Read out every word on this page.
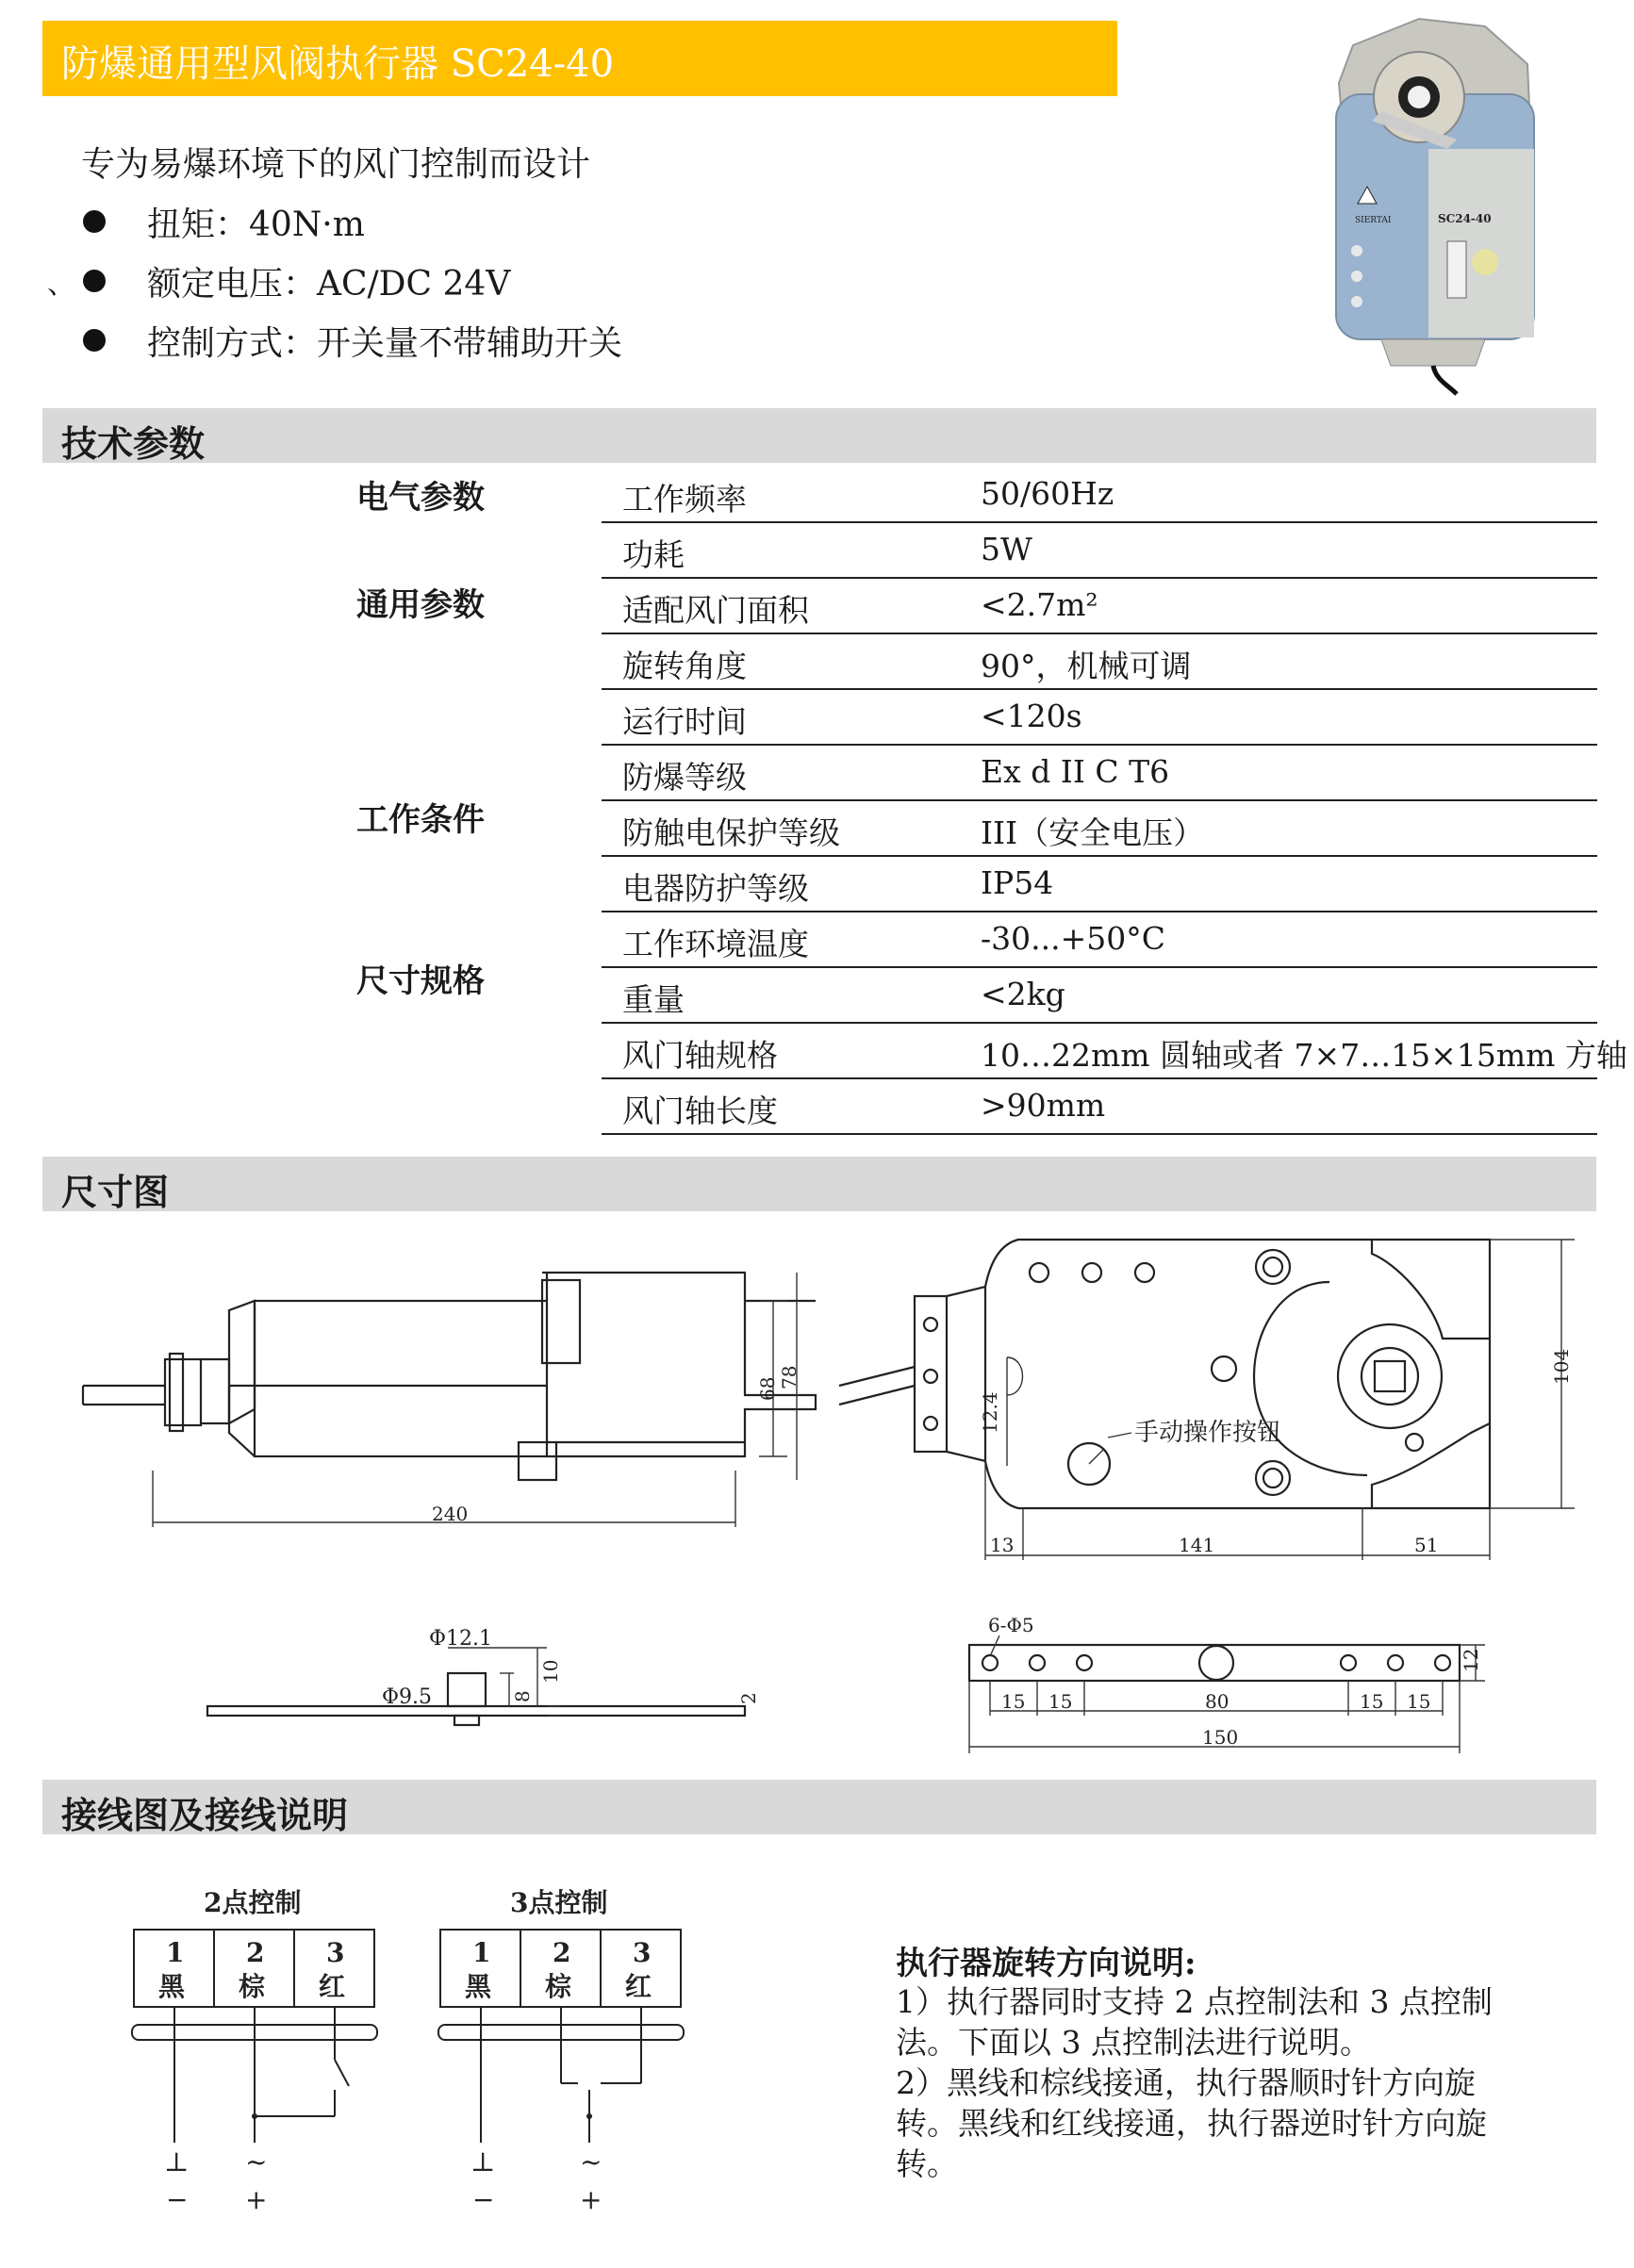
防爆通用型风阀执行器 SC24-40
专为易爆环境下的风门控制而设计
、
扭矩：40N·m
额定电压：AC/DC 24V
控制方式：开关量不带辅助开关
SIERTAI	SC24-40
技术参数
电气参数
通用参数
工作条件
尺寸规格
工作频率	50/60Hz
功耗	5W
适配风门面积	<2.7m²
旋转角度	90°，机械可调
运行时间	<120s
防爆等级	Ex d II C T6
防触电保护等级	III（安全电压）
电器防护等级	IP54
工作环境温度	-30...+50°C
重量	<2kg
风门轴规格	10…22mm 圆轴或者 7×7…15×15mm 方轴
风门轴长度	>90mm
尺寸图
240
68 78
手动操作按钮
12.4
104
13	141	51
Φ12.1
Φ9.5
10
8	2
6-Φ5
15 15	80	15 15
150
12
接线图及接线说明
2点控制
1
黑
2
棕
3
红
⊥ ~
− +
3点控制
1
黑
2
棕
3
红
⊥	~
−	+
执行器旋转方向说明:
1）执行器同时支持 2 点控制法和 3 点控制
法。下面以 3 点控制法进行说明。
2）黑线和棕线接通，执行器顺时针方向旋
转。黑线和红线接通，执行器逆时针方向旋
转。
